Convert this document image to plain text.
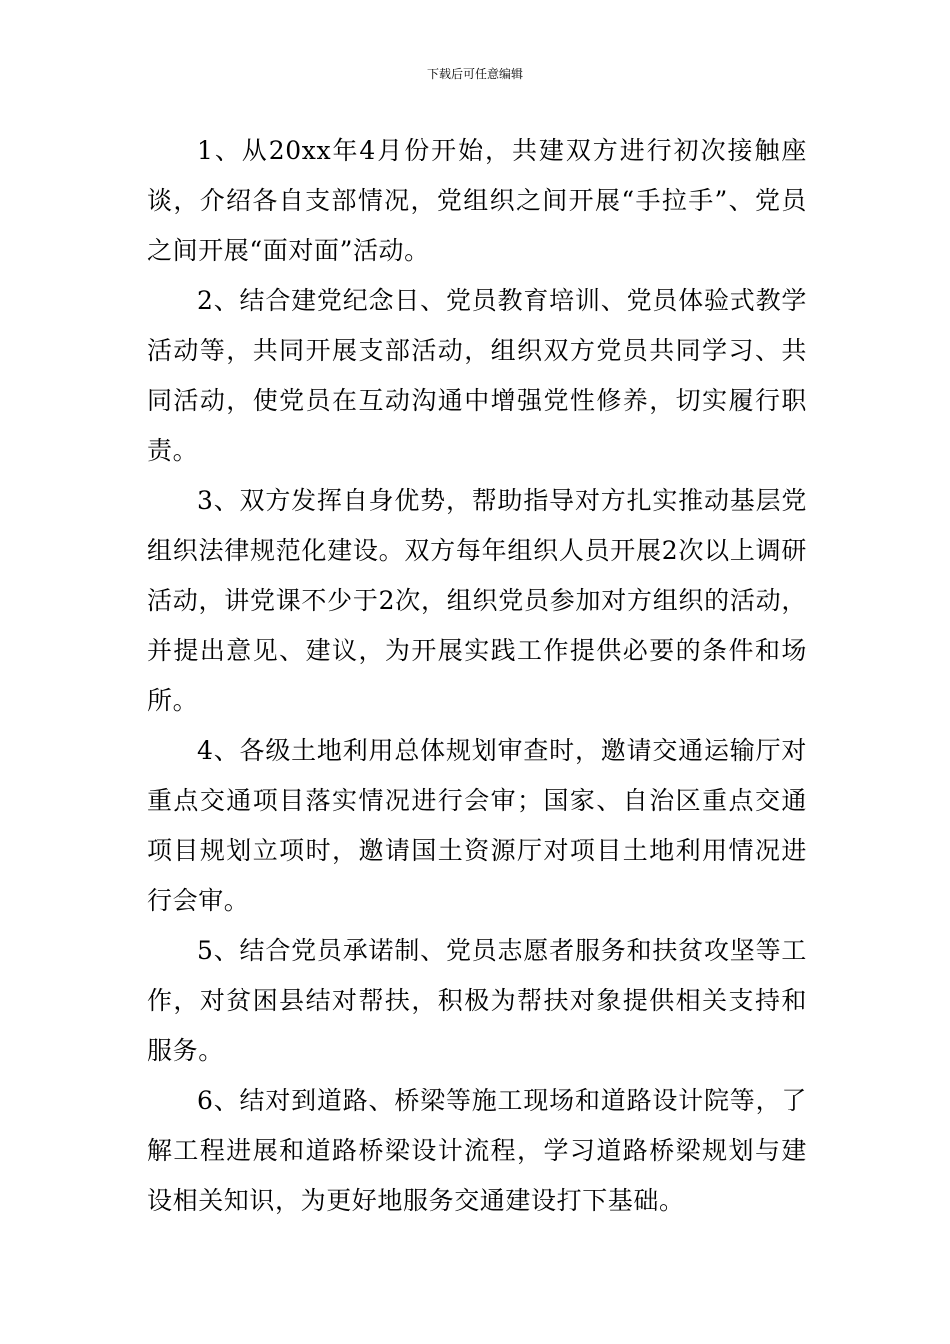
下载后可任意编辑

1、从20xx年4月份开始，共建双方进行初次接触座谈，介绍各自支部情况，党组织之间开展“手拉手”、党员之间开展“面对面”活动。

2、结合建党纪念日、党员教育培训、党员体验式教学活动等，共同开展支部活动，组织双方党员共同学习、共同活动，使党员在互动沟通中增强党性修养，切实履行职责。

3、双方发挥自身优势，帮助指导对方扎实推动基层党组织法律规范化建设。双方每年组织人员开展2次以上调研活动，讲党课不少于2次，组织党员参加对方组织的活动，并提出意见、建议，为开展实践工作提供必要的条件和场所。

4、各级土地利用总体规划审查时，邀请交通运输厅对重点交通项目落实情况进行会审；国家、自治区重点交通项目规划立项时，邀请国土资源厅对项目土地利用情况进行会审。

5、结合党员承诺制、党员志愿者服务和扶贫攻坚等工作，对贫困县结对帮扶，积极为帮扶对象提供相关支持和服务。

6、结对到道路、桥梁等施工现场和道路设计院等，了解工程进展和道路桥梁设计流程，学习道路桥梁规划与建设相关知识，为更好地服务交通建设打下基础。
